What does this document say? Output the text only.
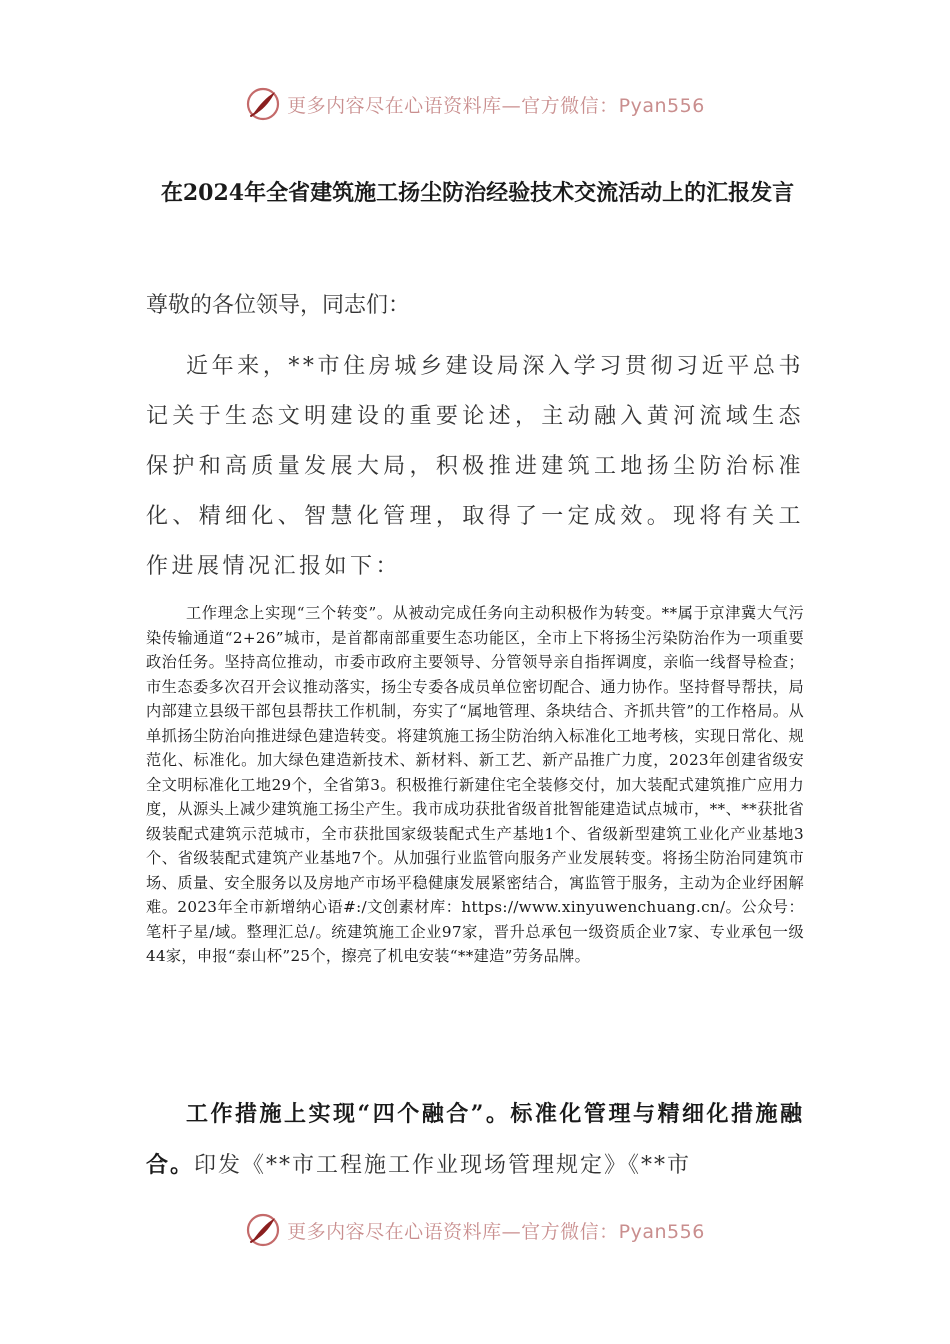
更多内容尽在心语资料库—官方微信：Pyan556
在2024年全省建筑施工扬尘防治经验技术交流活动上的汇报发言
尊敬的各位领导，同志们：

近年来，**市住房城乡建设局深入学习贯彻习近平总书记关于生态文明建设的重要论述，主动融入黄河流域生态保护和高质量发展大局，积极推进建筑工地扬尘防治标准化、精细化、智慧化管理，取得了一定成效。现将有关工作进展情况汇报如下：

工作理念上实现“三个转变”。从被动完成任务向主动积极作为转变。**属于京津冀大气污染传输通道“2+26”城市，是首都南部重要生态功能区，全市上下将扬尘污染防治作为一项重要政治任务。坚持高位推动，市委市政府主要领导、分管领导亲自指挥调度，亲临一线督导检查；市生态委多次召开会议推动落实，扬尘专委各成员单位密切配合、通力协作。坚持督导帮扶，局内部建立县级干部包县帮扶工作机制，夯实了“属地管理、条块结合、齐抓共管”的工作格局。从单抓扬尘防治向推进绿色建造转变。将建筑施工扬尘防治纳入标准化工地考核，实现日常化、规范化、标准化。加大绿色建造新技术、新材料、新工艺、新产品推广力度，2023年创建省级安全文明标准化工地29个，全省第3。积极推行新建住宅全装修交付，加大装配式建筑推广应用力度，从源头上减少建筑施工扬尘产生。我市成功获批省级首批智能建造试点城市，**、**获批省级装配式建筑示范城市，全市获批国家级装配式生产基地1个、省级新型建筑工业化产业基地3个、省级装配式建筑产业基地7个。从加强行业监管向服务产业发展转变。将扬尘防治同建筑市场、质量、安全服务以及房地产市场平稳健康发展紧密结合，寓监管于服务，主动为企业纾困解难。2023年全市新增纳心语#:/文创素材库：https://www.xinyuwenchuang.cn/。公众号：笔杆子星/域。整理汇总/。统建筑施工企业97家，晋升总承包一级资质企业7家、专业承包一级44家，申报“泰山杯”25个，擦亮了机电安装“**建造”劳务品牌。

工作措施上实现“四个融合”。标准化管理与精细化措施融合。印发《**市工程施工作业现场管理规定》《**市

更多内容尽在心语资料库—官方微信：Pyan556
